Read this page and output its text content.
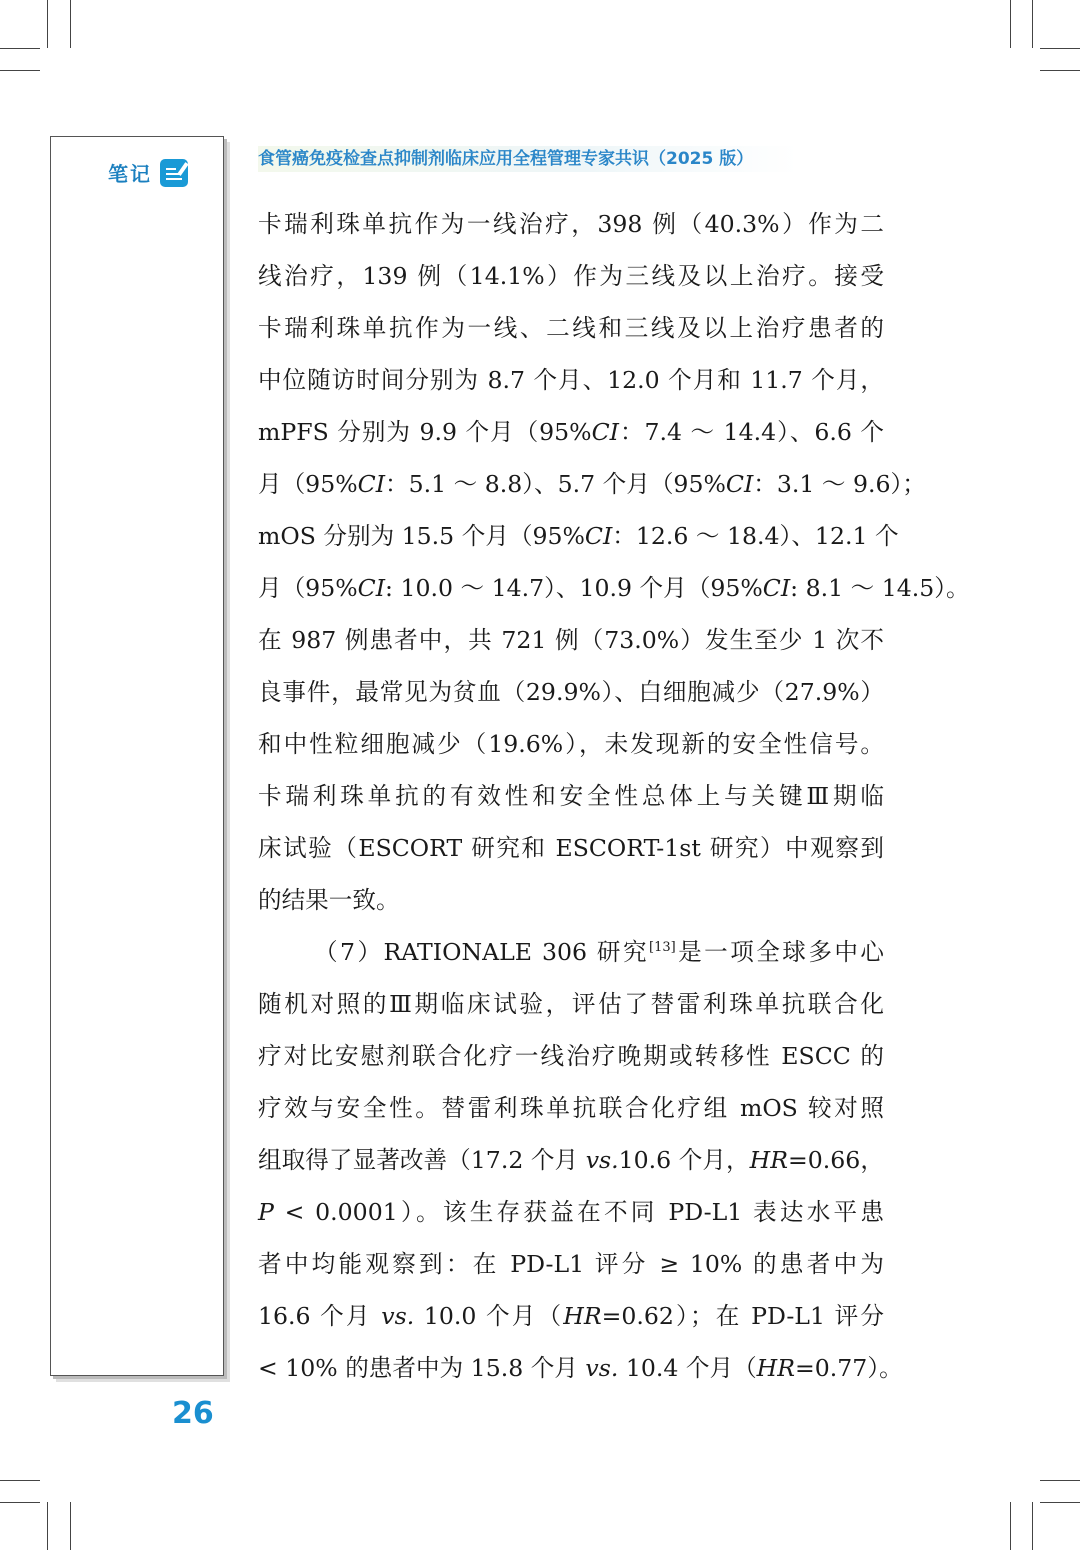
笔记
26
食管癌免疫检查点抑制剂临床应用全程管理专家共识（2025 版）
卡瑞利珠单抗作为一线治疗，398 例（40.3%）作为二
线治疗，139 例（14.1%）作为三线及以上治疗。接受
卡瑞利珠单抗作为一线、二线和三线及以上治疗患者的
中位随访时间分别为 8.7 个月、12.0 个月和 11.7 个月，
mPFS 分别为 9.9 个月（95%CI：7.4 ～ 14.4）、6.6 个
月（95%CI：5.1 ～ 8.8）、5.7 个月（95%CI：3.1 ～ 9.6）；
mOS 分别为 15.5 个月（95%CI：12.6 ～ 18.4）、12.1 个
月（95%CI: 10.0 ～ 14.7）、10.9 个月（95%CI: 8.1 ～ 14.5）。
在 987 例患者中，共 721 例（73.0%）发生至少 1 次不
良事件，最常见为贫血（29.9%）、白细胞减少（27.9%）
和中性粒细胞减少（19.6%），未发现新的安全性信号。
卡瑞利珠单抗的有效性和安全性总体上与关键Ⅲ期临
床试验（ESCORT 研究和 ESCORT-1st 研究）中观察到
的结果一致。
（7）RATIONALE 306 研究[13]是一项全球多中心
随机对照的Ⅲ期临床试验，评估了替雷利珠单抗联合化
疗对比安慰剂联合化疗一线治疗晚期或转移性 ESCC 的
疗效与安全性。替雷利珠单抗联合化疗组 mOS 较对照
组取得了显著改善（17.2 个月 vs.10.6 个月，HR=0.66，
P < 0.0001）。该生存获益在不同 PD-L1 表达水平患
者中均能观察到：在 PD-L1 评分 ≥ 10% 的患者中为
16.6 个月 vs. 10.0 个月（HR=0.62）；在 PD-L1 评分
< 10% 的患者中为 15.8 个月 vs. 10.4 个月（HR=0.77）。
